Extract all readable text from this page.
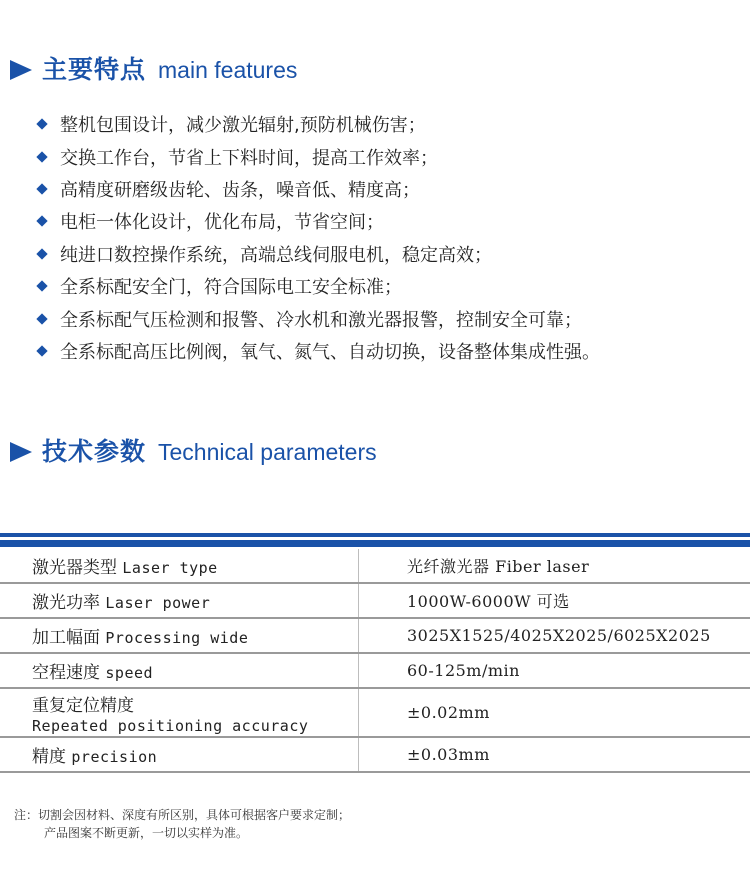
主要特点 main features
整机包围设计，减少激光辐射,预防机械伤害；
交换工作台，节省上下料时间，提高工作效率；
高精度研磨级齿轮、齿条，噪音低、精度高；
电柜一体化设计，优化布局，节省空间；
纯进口数控操作系统，高端总线伺服电机，稳定高效；
全系标配安全门，符合国际电工安全标准；
全系标配气压检测和报警、冷水机和激光器报警，控制安全可靠；
全系标配高压比例阀，氧气、氮气、自动切换，设备整体集成性强。
技术参数 Technical parameters
激光器类型 Laser type	光纤激光器 Fiber laser
激光功率 Laser power	1000W-6000W 可选
加工幅面 Processing wide	3025X1525/4025X2025/6025X2025
空程速度 speed	60-125m/min
重复定位精度
Repeated positioning accuracy	±0.02mm
精度 precision	±0.03mm
注：切割会因材料、深度有所区别，具体可根据客户要求定制；
产品图案不断更新，一切以实样为准。
